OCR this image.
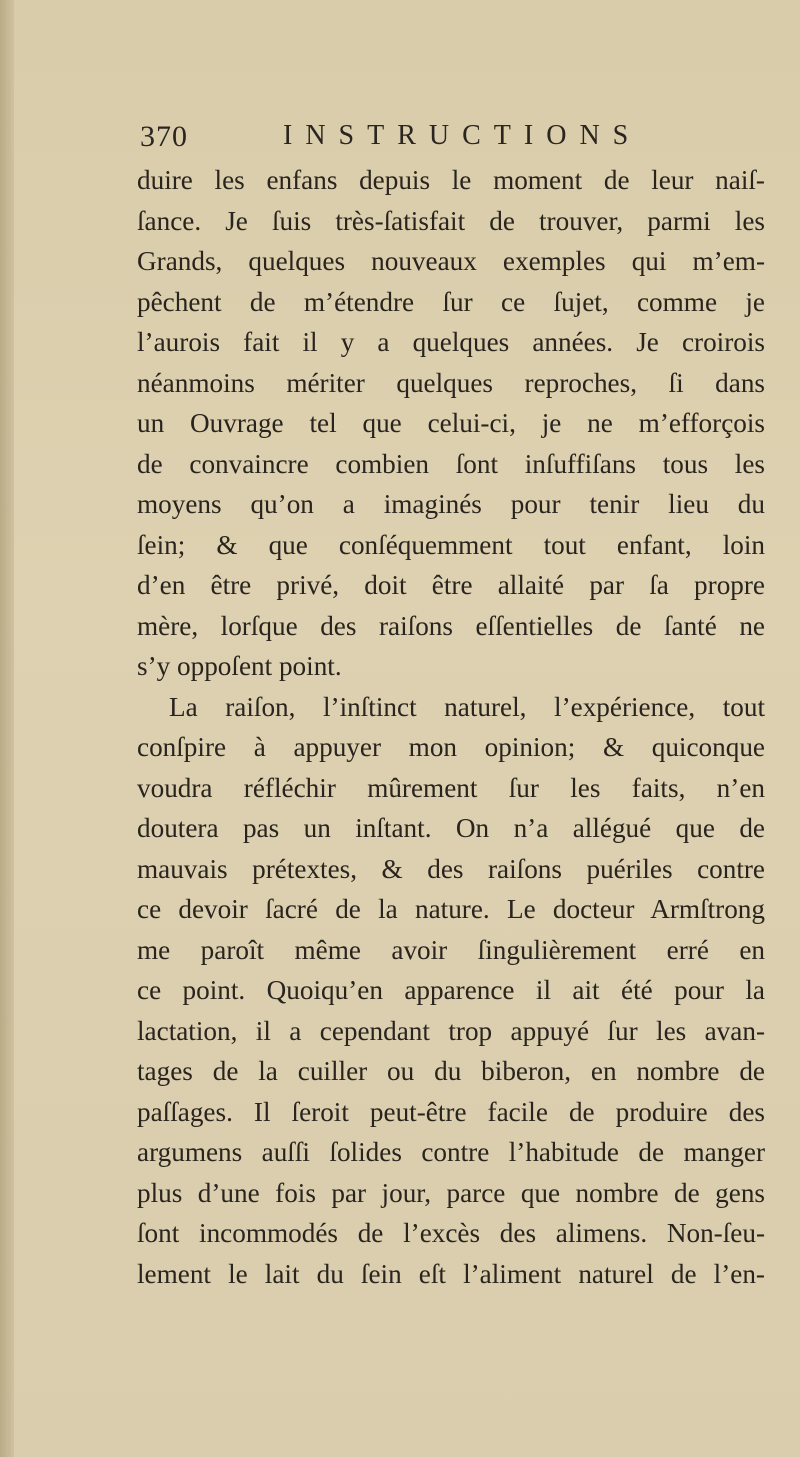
370	INSTRUCTIONS
duire les enfans depuis le moment de leur naiſ-
ſance. Je ſuis très-ſatisfait de trouver, parmi les
Grands, quelques nouveaux exemples qui m’em-
pêchent de m’étendre ſur ce ſujet, comme je
l’aurois fait il y a quelques années. Je croirois
néanmoins mériter quelques reproches, ſi dans
un Ouvrage tel que celui-ci, je ne m’efforçois
de convaincre combien ſont inſuffiſans tous les
moyens qu’on a imaginés pour tenir lieu du
ſein; & que conſéquemment tout enfant, loin
d’en être privé, doit être allaité par ſa propre
mère, lorſque des raiſons eſſentielles de ſanté ne
s’y oppoſent point.
La raiſon, l’inſtinct naturel, l’expérience, tout
conſpire à appuyer mon opinion; & quiconque
voudra réfléchir mûrement ſur les faits, n’en
doutera pas un inſtant. On n’a allégué que de
mauvais prétextes, & des raiſons puériles contre
ce devoir ſacré de la nature. Le docteur Armſtrong
me paroît même avoir ſingulièrement erré en
ce point. Quoiqu’en apparence il ait été pour la
lactation, il a cependant trop appuyé ſur les avan-
tages de la cuiller ou du biberon, en nombre de
paſſages. Il ſeroit peut-être facile de produire des
argumens auſſi ſolides contre l’habitude de manger
plus d’une fois par jour, parce que nombre de gens
ſont incommodés de l’excès des alimens. Non-ſeu-
lement le lait du ſein eſt l’aliment naturel de l’en-
